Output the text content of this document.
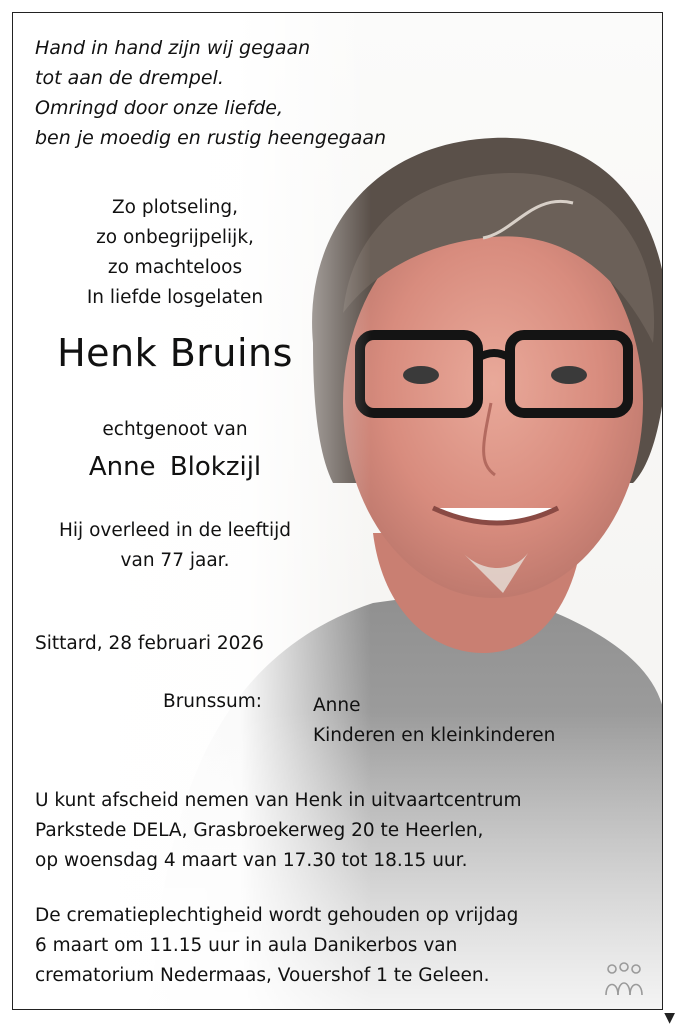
Hand in hand zijn wij gegaan
tot aan de drempel.
Omringd door onze liefde,
ben je moedig en rustig heengegaan
Zo plotseling,
zo onbegrijpelijk,
zo machteloos
In liefde losgelaten
Henk Bruins
echtgenoot van
Anne Blokzijl
Hij overleed in de leeftijd
van 77 jaar.
Sittard, 28 februari 2026
Brunssum:	Anne
Kinderen en kleinkinderen
U kunt afscheid nemen van Henk in uitvaartcentrum
Parkstede DELA, Grasbroekerweg 20 te Heerlen,
op woensdag 4 maart van 17.30 tot 18.15 uur.
De crematieplechtigheid wordt gehouden op vrijdag
6 maart om 11.15 uur in aula Danikerbos van
crematorium Nedermaas, Vouershof 1 te Geleen.
▼
